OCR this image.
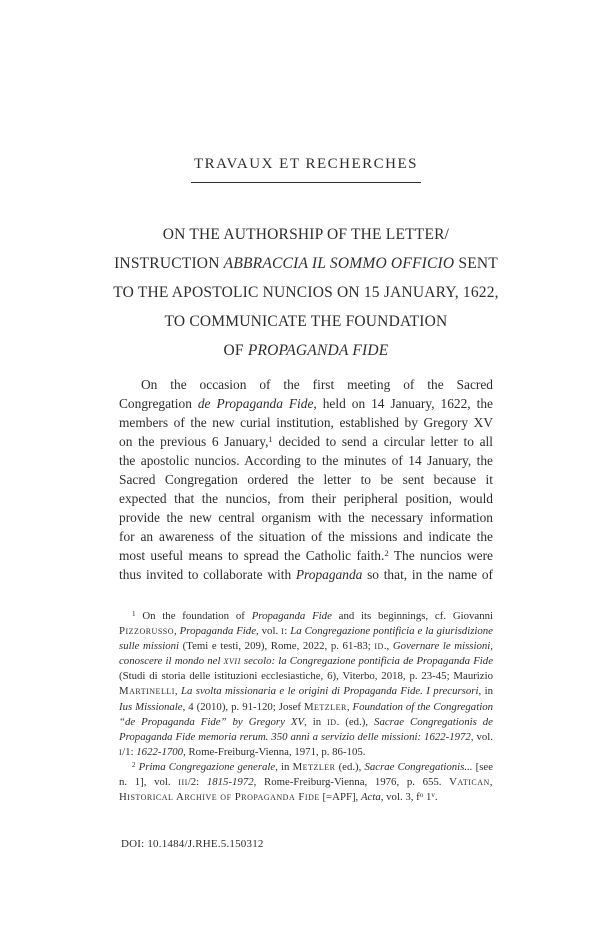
TRAVAUX ET RECHERCHES
ON THE AUTHORSHIP OF THE LETTER/
INSTRUCTION ABBRACCIA IL SOMMO OFFICIO SENT
TO THE APOSTOLIC NUNCIOS ON 15 JANUARY, 1622,
TO COMMUNICATE THE FOUNDATION
OF PROPAGANDA FIDE

On the occasion of the first meeting of the Sacred Congregation de Propaganda Fide, held on 14 January, 1622, the members of the new curial institution, established by Gregory XV on the previous 6 January,$^1$ decided to send a circular letter to all the apostolic nuncios. According to the minutes of 14 January, the Sacred Congregation ordered the letter to be sent because it expected that the nuncios, from their peripheral position, would provide the new central organism with the necessary information for an awareness of the situation of the missions and indicate the most useful means to spread the Catholic faith.$^2$ The nuncios were thus invited to collaborate with Propaganda so that, in the name of

$^1$ On the foundation of Propaganda Fide and its beginnings, cf. Giovanni Pizzorusso, Propaganda Fide, vol. i: La Congregazione pontificia e la giurisdizione sulle missioni (Temi e testi, 209), Rome, 2022, p. 61-83; id., Governare le missioni, conoscere il mondo nel xvii secolo: la Congregazione pontificia de Propaganda Fide (Studi di storia delle istituzioni ecclesiastiche, 6), Viterbo, 2018, p. 23-45; Maurizio Martinelli, La svolta missionaria e le origini di Propaganda Fide. I precursori, in Ius Missionale, 4 (2010), p. 91-120; Josef Metzler, Foundation of the Congregation “de Propaganda Fide” by Gregory XV, in id. (ed.), Sacrae Congregationis de Propaganda Fide memoria rerum. 350 anni a servizio delle missioni: 1622-1972, vol. i/1: 1622-1700, Rome-Freiburg-Vienna, 1971, p. 86-105.

$^2$ Prima Congregazione generale, in Metzler (ed.), Sacrae Congregationis... [see n. 1], vol. iii/2: 1815-1972, Rome-Freiburg-Vienna, 1976, p. 655. Vatican, Historical Archive of Propaganda Fide [=APF], Acta, vol. 3, $f^o$ 1$^v$.

DOI: 10.1484/J.RHE.5.150312
